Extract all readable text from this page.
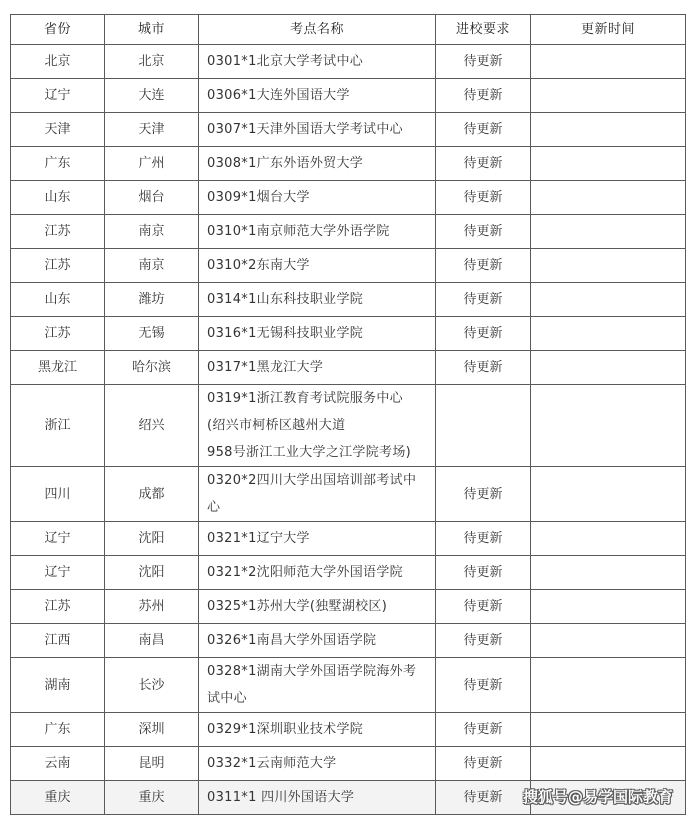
省份	城市	考点名称	进校要求	更新时间
北京	北京	0301*1北京大学考试中心	待更新	
辽宁	大连	0306*1大连外国语大学	待更新	
天津	天津	0307*1天津外国语大学考试中心	待更新	
广东	广州	0308*1广东外语外贸大学	待更新	
山东	烟台	0309*1烟台大学	待更新	
江苏	南京	0310*1南京师范大学外语学院	待更新	
江苏	南京	0310*2东南大学	待更新	
山东	潍坊	0314*1山东科技职业学院	待更新	
江苏	无锡	0316*1无锡科技职业学院	待更新	
黑龙江	哈尔滨	0317*1黑龙江大学	待更新	
浙江	绍兴	0319*1浙江教育考试院服务中心
(绍兴市柯桥区越州大道
958号浙江工业大学之江学院考场)		

四川	成都	0320*2四川大学出国培训部考试中
心	待更新	
辽宁	沈阳	0321*1辽宁大学	待更新	
辽宁	沈阳	0321*2沈阳师范大学外国语学院	待更新	
江苏	苏州	0325*1苏州大学(独墅湖校区)	待更新	
江西	南昌	0326*1南昌大学外国语学院	待更新	
湖南	长沙	0328*1湖南大学外国语学院海外考
试中心	待更新	
广东	深圳	0329*1深圳职业技术学院	待更新	
云南	昆明	0332*1云南师范大学	待更新	
重庆	重庆	0311*1 四川外国语大学	待更新	搜狐号@易学国际教育
